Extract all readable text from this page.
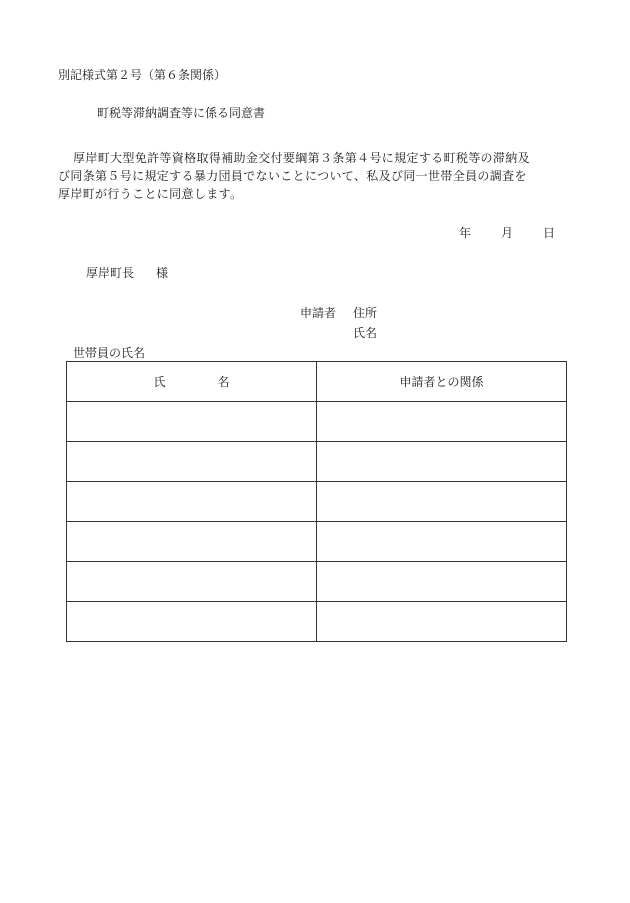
別記様式第２号（第６条関係）
町税等滞納調査等に係る同意書
厚岸町大型免許等資格取得補助金交付要綱第３条第４号に規定する町税等の滞納及
び同条第５号に規定する暴力団員でないことについて、私及び同一世帯全員の調査を
厚岸町が行うことに同意します。
年 月 日
厚岸町長 様
申請者 住所
氏名
世帯員の氏名
氏名	申請者との関係
